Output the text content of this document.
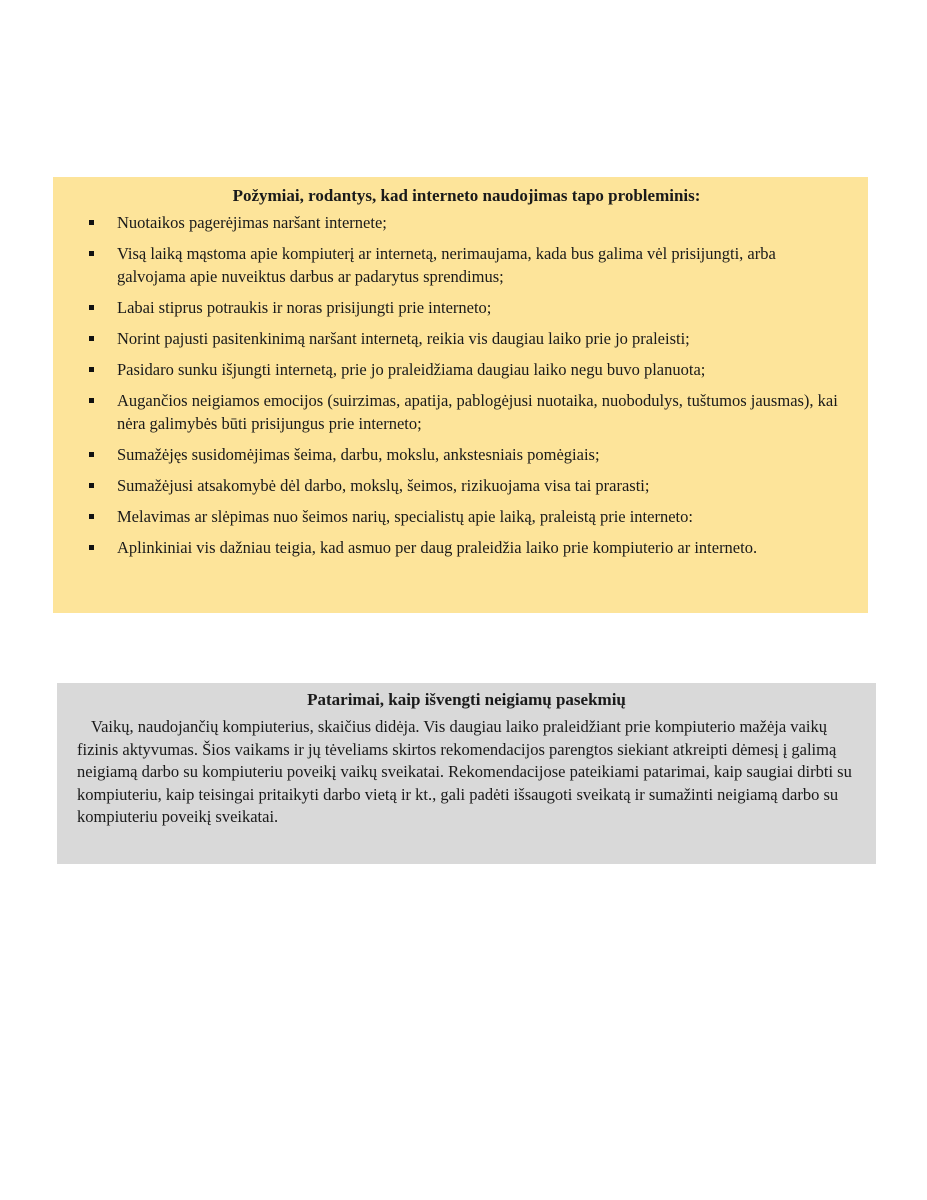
Požymiai, rodantys, kad interneto naudojimas tapo probleminis:
Nuotaikos pagerėjimas naršant internete;
Visą laiką mąstoma apie kompiuterį ar internetą, nerimaujama, kada bus galima vėl prisijungti, arba galvojama apie nuveiktus darbus ar padarytus sprendimus;
Labai stiprus potraukis ir noras prisijungti prie interneto;
Norint pajusti pasitenkinimą naršant internetą, reikia vis daugiau laiko prie jo praleisti;
Pasidaro sunku išjungti internetą, prie jo praleidžiama daugiau laiko negu buvo planuota;
Augančios neigiamos emocijos (suirzimas, apatija, pablogėjusi nuotaika, nuobodulys, tuštumos jausmas), kai nėra galimybės būti prisijungus prie interneto;
Sumažėjęs susidomėjimas šeima, darbu, mokslu, ankstesniais pomėgiais;
Sumažėjusi atsakomybė dėl darbo, mokslų, šeimos, rizikuojama visa tai prarasti;
Melavimas ar slėpimas nuo šeimos narių, specialistų apie laiką, praleistą prie interneto:
Aplinkiniai vis dažniau teigia, kad asmuo per daug praleidžia laiko prie kompiuterio ar interneto.
Patarimai, kaip išvengti neigiamų pasekmių

Vaikų, naudojančių kompiuterius, skaičius didėja. Vis daugiau laiko praleidžiant prie kompiuterio mažėja vaikų fizinis aktyvumas. Šios vaikams ir jų tėveliams skirtos rekomendacijos parengtos siekiant atkreipti dėmesį į galimą neigiamą darbo su kompiuteriu poveikį vaikų sveikatai. Rekomendacijose pateikiami patarimai, kaip saugiai dirbti su kompiuteriu, kaip teisingai pritaikyti darbo vietą ir kt., gali padėti išsaugoti sveikatą ir sumažinti neigiamą darbo su kompiuteriu poveikį sveikatai.
